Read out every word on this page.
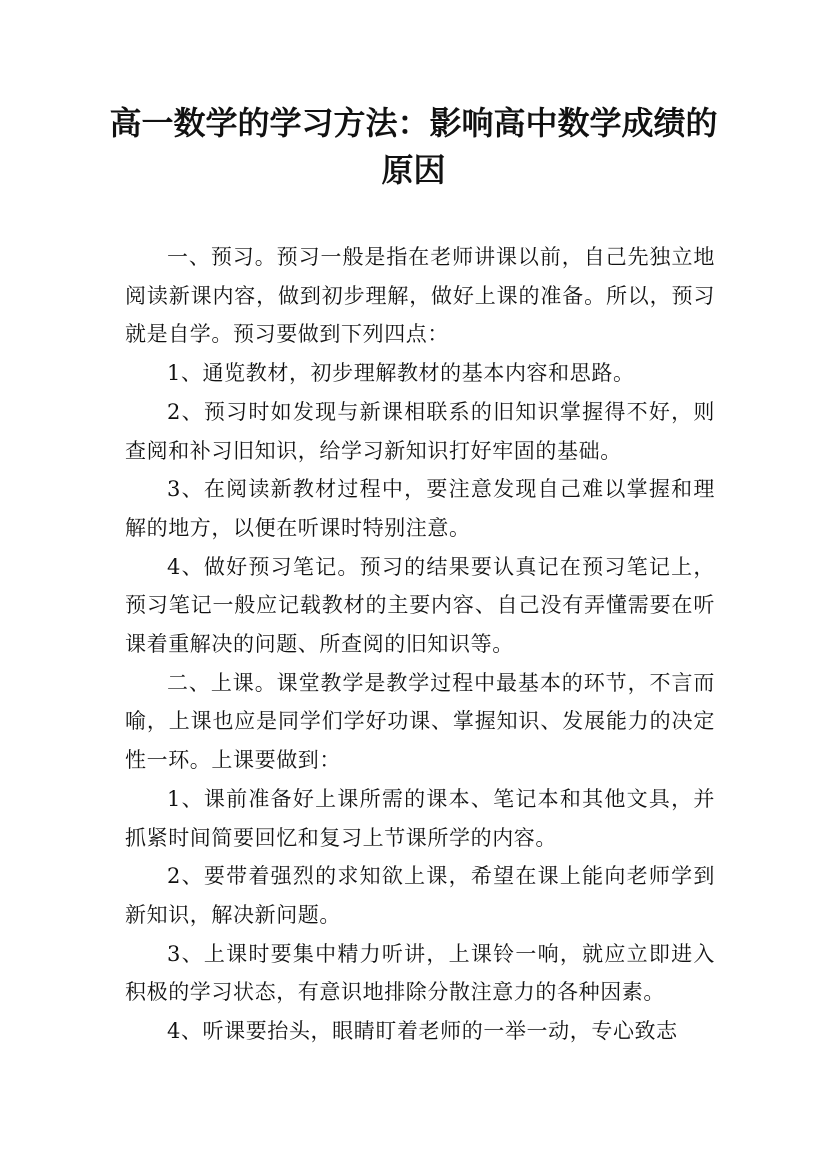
高一数学的学习方法：影响高中数学成绩的
原因

一、预习。预习一般是指在老师讲课以前，自己先独立地阅读新课内容，做到初步理解，做好上课的准备。所以，预习就是自学。预习要做到下列四点：

1、通览教材，初步理解教材的基本内容和思路。

2、预习时如发现与新课相联系的旧知识掌握得不好，则查阅和补习旧知识，给学习新知识打好牢固的基础。

3、在阅读新教材过程中，要注意发现自己难以掌握和理解的地方，以便在听课时特别注意。

4、做好预习笔记。预习的结果要认真记在预习笔记上，预习笔记一般应记载教材的主要内容、自己没有弄懂需要在听课着重解决的问题、所查阅的旧知识等。

二、上课。课堂教学是教学过程中最基本的环节，不言而喻，上课也应是同学们学好功课、掌握知识、发展能力的决定性一环。上课要做到：

1、课前准备好上课所需的课本、笔记本和其他文具，并抓紧时间简要回忆和复习上节课所学的内容。

2、要带着强烈的求知欲上课，希望在课上能向老师学到新知识，解决新问题。

3、上课时要集中精力听讲，上课铃一响，就应立即进入积极的学习状态，有意识地排除分散注意力的各种因素。

4、听课要抬头，眼睛盯着老师的一举一动，专心致志
